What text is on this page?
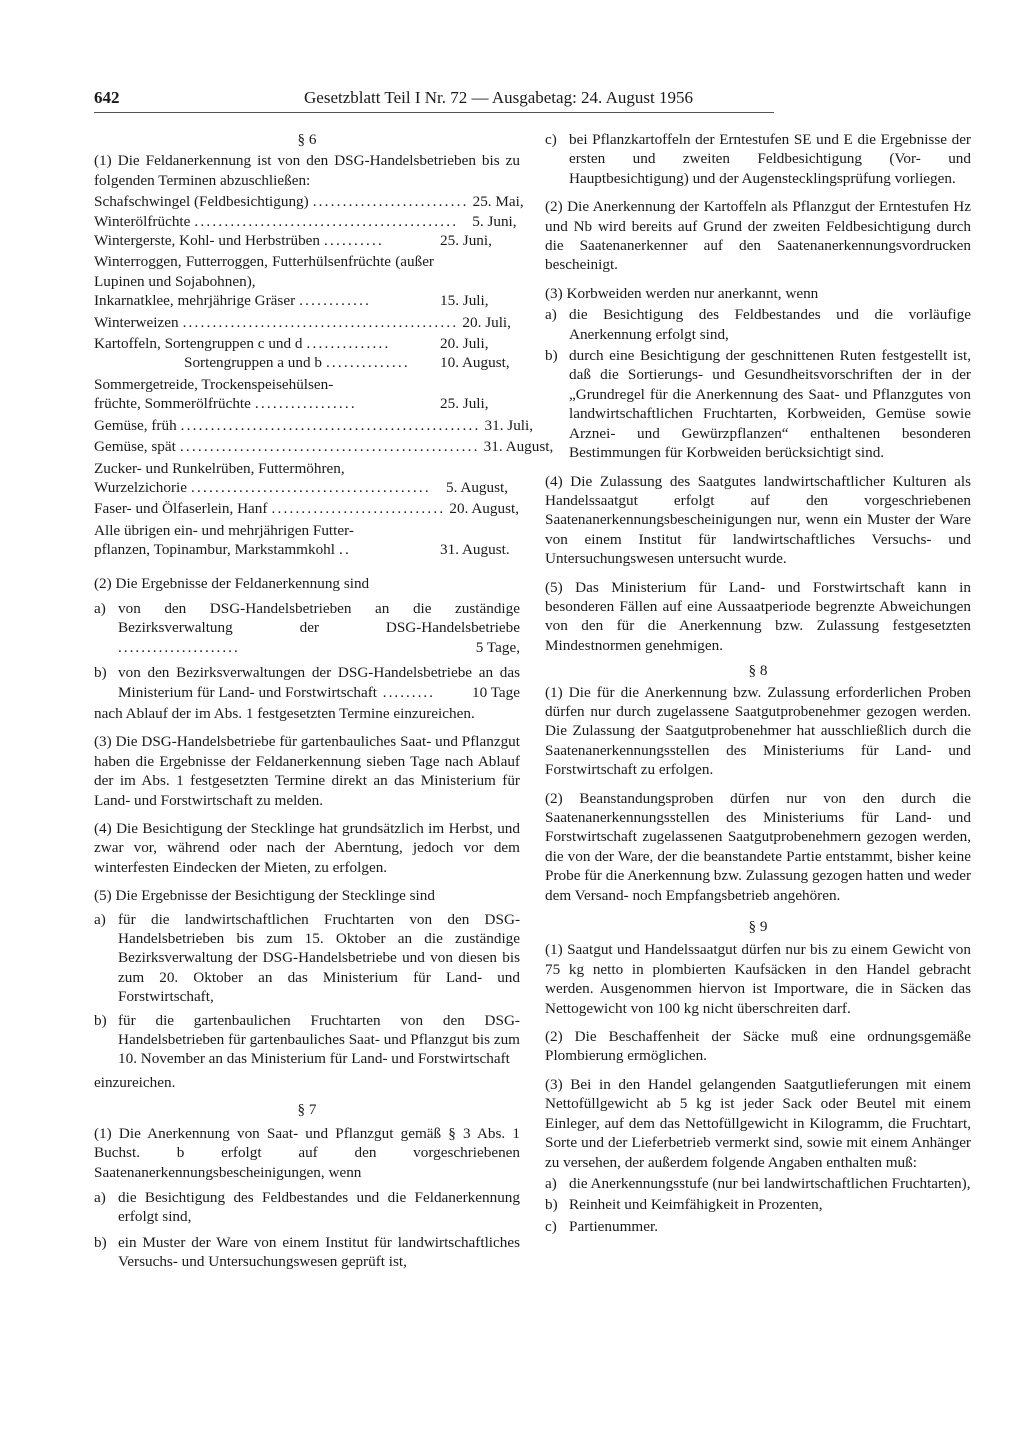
642	Gesetzblatt Teil I Nr. 72 — Ausgabetag: 24. August 1956
§ 6
(1) Die Feldanerkennung ist von den DSG-Handelsbetrieben bis zu folgenden Terminen abzuschließen:
Schafschwingel (Feldbesichtigung) .......................... 25. Mai,
Winterölfrüchte ............................................ 5. Juni,
Wintergerste, Kohl- und Herbstrüben ..........	25. Juni,
Winterroggen, Futterroggen, Futterhülsenfrüchte (außer Lupinen und Sojabohnen),
Inkarnatklee, mehrjährige Gräser ............	15. Juli,
Winterweizen .............................................. 20. Juli,
Kartoffeln, Sortengruppen c und d ..............	20. Juli,
Sortengruppen a und b ..............	10. August,
Sommergetreide, Trockenspeisehülsen-
früchte, Sommerölfrüchte .................	25. Juli,
Gemüse, früh .................................................. 31. Juli,
Gemüse, spät .................................................. 31. August,
Zucker- und Runkelrüben, Futtermöhren,
Wurzelzichorie ........................................ 5. August,
Faser- und Ölfaserlein, Hanf ............................. 20. August,
Alle übrigen ein- und mehrjährigen Futter-
pflanzen, Topinambur, Markstammkohl ..	31. August.
(2) Die Ergebnisse der Feldanerkennung sind
a) von den DSG-Handelsbetrieben an die zuständige Bezirksverwaltung der DSG-Handelsbetriebe .....................	5 Tage,
b) von den Bezirksverwaltungen der DSG-Handelsbetriebe an das Ministerium für Land- und Forstwirtschaft ......... 10 Tage
nach Ablauf der im Abs. 1 festgesetzten Termine einzureichen.
(3) Die DSG-Handelsbetriebe für gartenbauliches Saat- und Pflanzgut haben die Ergebnisse der Feldanerkennung sieben Tage nach Ablauf der im Abs. 1 festgesetzten Termine direkt an das Ministerium für Land- und Forstwirtschaft zu melden.
(4) Die Besichtigung der Stecklinge hat grundsätzlich im Herbst, und zwar vor, während oder nach der Aberntung, jedoch vor dem winterfesten Eindecken der Mieten, zu erfolgen.
(5) Die Ergebnisse der Besichtigung der Stecklinge sind
a) für die landwirtschaftlichen Fruchtarten von den DSG-Handelsbetrieben bis zum 15. Oktober an die zuständige Bezirksverwaltung der DSG-Handelsbetriebe und von diesen bis zum 20. Oktober an das Ministerium für Land- und Forstwirtschaft,
b) für die gartenbaulichen Fruchtarten von den DSG-Handelsbetrieben für gartenbauliches Saat- und Pflanzgut bis zum 10. November an das Ministerium für Land- und Forstwirtschaft
einzureichen.
§ 7
(1) Die Anerkennung von Saat- und Pflanzgut gemäß § 3 Abs. 1 Buchst. b erfolgt auf den vorgeschriebenen Saatenanerkennungsbescheinigungen, wenn
a) die Besichtigung des Feldbestandes und die Feldanerkennung erfolgt sind,
b) ein Muster der Ware von einem Institut für landwirtschaftliches Versuchs- und Untersuchungswesen geprüft ist,
c) bei Pflanzkartoffeln der Erntestufen SE und E die Ergebnisse der ersten und zweiten Feldbesichtigung (Vor- und Hauptbesichtigung) und der Augenstecklingsprüfung vorliegen.
(2) Die Anerkennung der Kartoffeln als Pflanzgut der Erntestufen Hz und Nb wird bereits auf Grund der zweiten Feldbesichtigung durch die Saatenanerkenner auf den Saatenanerkennungsvordrucken bescheinigt.
(3) Korbweiden werden nur anerkannt, wenn
a) die Besichtigung des Feldbestandes und die vorläufige Anerkennung erfolgt sind,
b) durch eine Besichtigung der geschnittenen Ruten festgestellt ist, daß die Sortierungs- und Gesundheitsvorschriften der in der „Grundregel für die Anerkennung des Saat- und Pflanzgutes von landwirtschaftlichen Fruchtarten, Korbweiden, Gemüse sowie Arznei- und Gewürzpflanzen“ enthaltenen besonderen Bestimmungen für Korbweiden berücksichtigt sind.
(4) Die Zulassung des Saatgutes landwirtschaftlicher Kulturen als Handelssaatgut erfolgt auf den vorgeschriebenen Saatenanerkennungsbescheinigungen nur, wenn ein Muster der Ware von einem Institut für landwirtschaftliches Versuchs- und Untersuchungswesen untersucht wurde.
(5) Das Ministerium für Land- und Forstwirtschaft kann in besonderen Fällen auf eine Aussaatperiode begrenzte Abweichungen von den für die Anerkennung bzw. Zulassung festgesetzten Mindestnormen genehmigen.
§ 8
(1) Die für die Anerkennung bzw. Zulassung erforderlichen Proben dürfen nur durch zugelassene Saatgutprobenehmer gezogen werden. Die Zulassung der Saatgutprobenehmer hat ausschließlich durch die Saatenanerkennungsstellen des Ministeriums für Land- und Forstwirtschaft zu erfolgen.
(2) Beanstandungsproben dürfen nur von den durch die Saatenanerkennungsstellen des Ministeriums für Land- und Forstwirtschaft zugelassenen Saatgutprobenehmern gezogen werden, die von der Ware, der die beanstandete Partie entstammt, bisher keine Probe für die Anerkennung bzw. Zulassung gezogen hatten und weder dem Versand- noch Empfangsbetrieb angehören.
§ 9
(1) Saatgut und Handelssaatgut dürfen nur bis zu einem Gewicht von 75 kg netto in plombierten Kaufsäcken in den Handel gebracht werden. Ausgenommen hiervon ist Importware, die in Säcken das Nettogewicht von 100 kg nicht überschreiten darf.
(2) Die Beschaffenheit der Säcke muß eine ordnungsgemäße Plombierung ermöglichen.
(3) Bei in den Handel gelangenden Saatgutlieferungen mit einem Nettofüllgewicht ab 5 kg ist jeder Sack oder Beutel mit einem Einleger, auf dem das Nettofüllgewicht in Kilogramm, die Fruchtart, Sorte und der Lieferbetrieb vermerkt sind, sowie mit einem Anhänger zu versehen, der außerdem folgende Angaben enthalten muß:
a) die Anerkennungsstufe (nur bei landwirtschaftlichen Fruchtarten),
b) Reinheit und Keimfähigkeit in Prozenten,
c) Partienummer.
